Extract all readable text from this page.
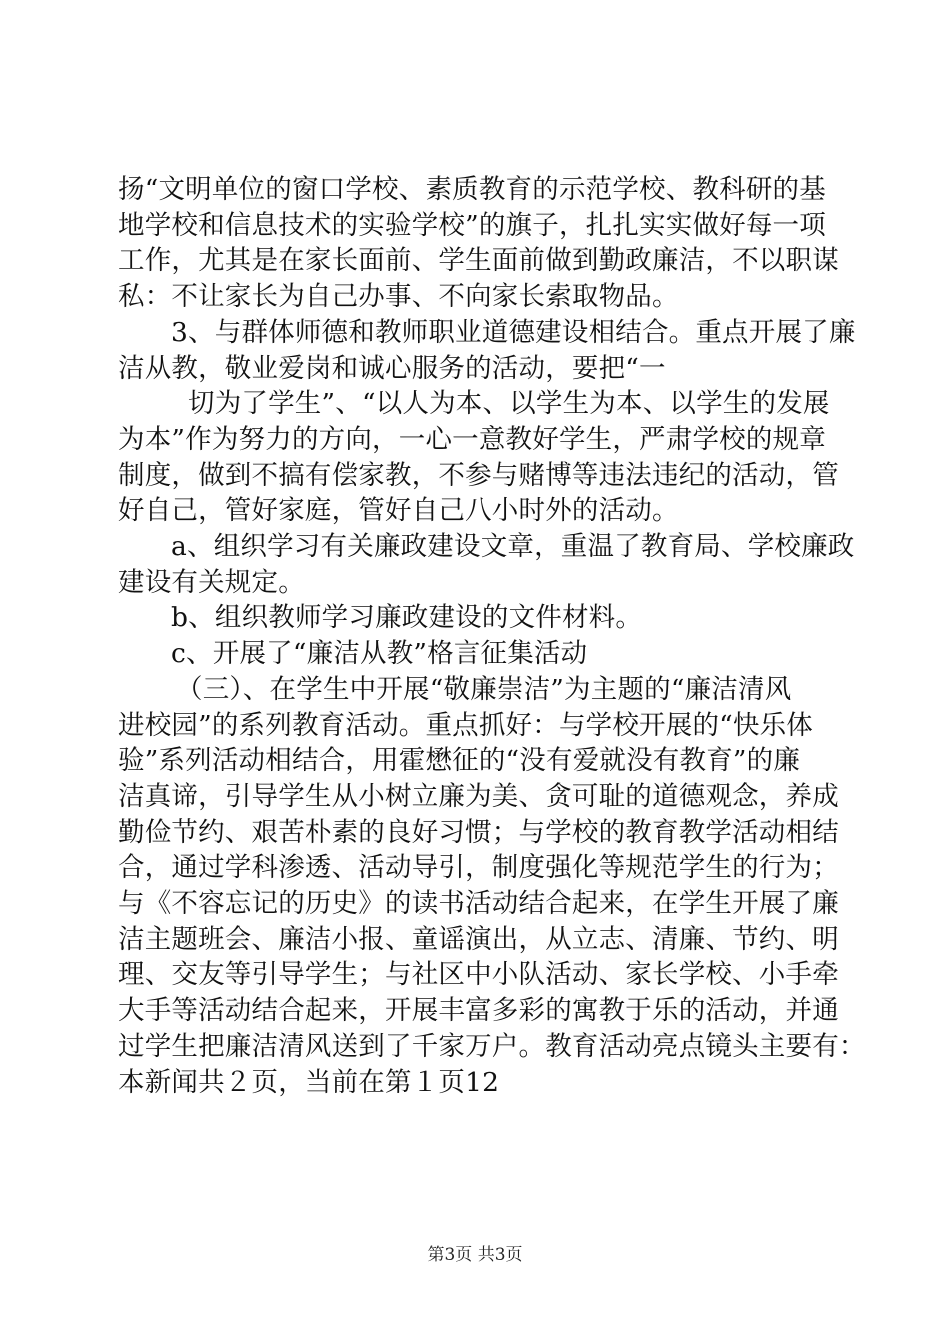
扬“文明单位的窗口学校、素质教育的示范学校、教科研的基
地学校和信息技术的实验学校”的旗子，扎扎实实做好每一项
工作，尤其是在家长面前、学生面前做到勤政廉洁，不以职谋
私：不让家长为自己办事、不向家长索取物品。
3、与群体师德和教师职业道德建设相结合。重点开展了廉
洁从教，敬业爱岗和诚心服务的活动，要把“一
切为了学生”、“以人为本、以学生为本、以学生的发展
为本”作为努力的方向，一心一意教好学生，严肃学校的规章
制度，做到不搞有偿家教，不参与赌博等违法违纪的活动，管
好自己，管好家庭，管好自己八小时外的活动。
a、组织学习有关廉政建设文章，重温了教育局、学校廉政
建设有关规定。
b、组织教师学习廉政建设的文件材料。
c、开展了“廉洁从教”格言征集活动
（三）、在学生中开展“敬廉崇洁”为主题的“廉洁清风
进校园”的系列教育活动。重点抓好：与学校开展的“快乐体
验”系列活动相结合，用霍懋征的“没有爱就没有教育”的廉
洁真谛，引导学生从小树立廉为美、贪可耻的道德观念，养成
勤俭节约、艰苦朴素的良好习惯；与学校的教育教学活动相结
合，通过学科渗透、活动导引，制度强化等规范学生的行为；
与《不容忘记的历史》的读书活动结合起来，在学生开展了廉
洁主题班会、廉洁小报、童谣演出，从立志、清廉、节约、明
理、交友等引导学生；与社区中小队活动、家长学校、小手牵
大手等活动结合起来，开展丰富多彩的寓教于乐的活动，并通
过学生把廉洁清风送到了千家万户。教育活动亮点镜头主要有：
本新闻共２页，当前在第１页12
第3页 共3页
